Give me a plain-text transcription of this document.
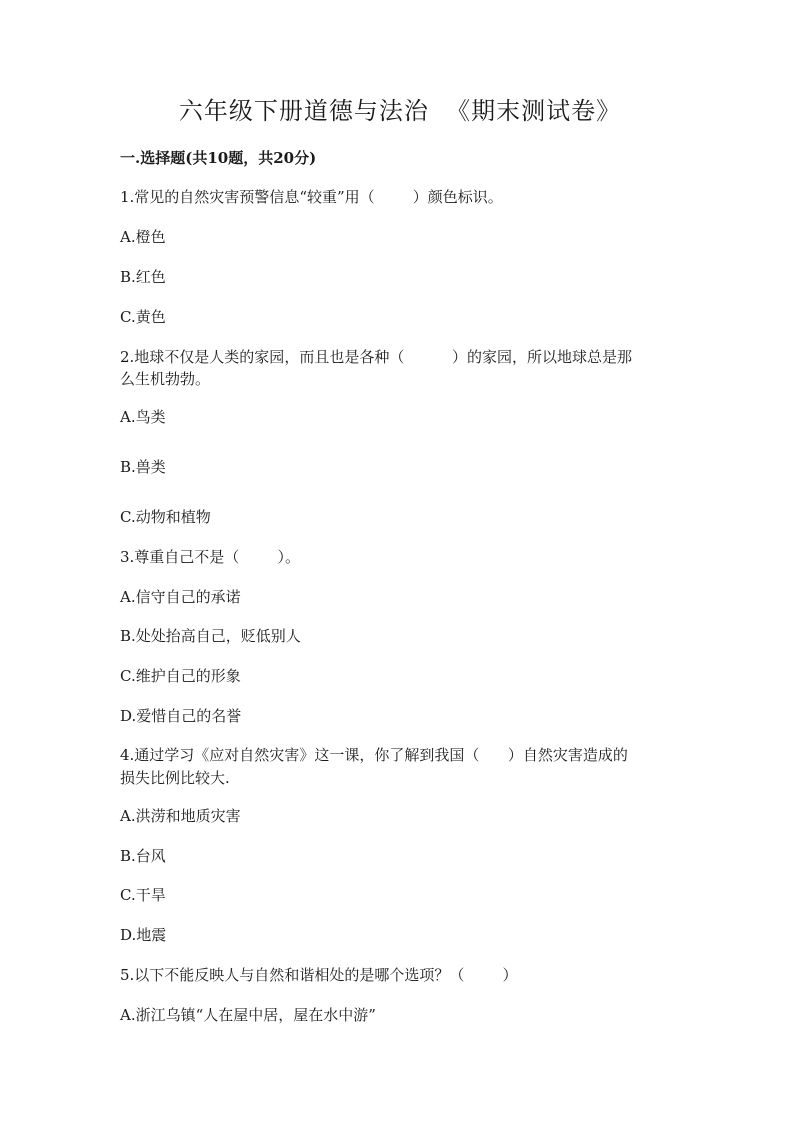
六年级下册道德与法治  《期末测试卷》
一.选择题(共10题，共20分)
1.常见的自然灾害预警信息“较重”用（        ）颜色标识。
A.橙色
B.红色
C.黄色
2.地球不仅是人类的家园，而且也是各种（          ）的家园，所以地球总是那
么生机勃勃。
A.鸟类
B.兽类
C.动物和植物
3.尊重自己不是（        ）。
A.信守自己的承诺
B.处处抬高自己，贬低别人
C.维护自己的形象
D.爱惜自己的名誉
4.通过学习《应对自然灾害》这一课，你了解到我国（      ）自然灾害造成的
损失比例比较大.
A.洪涝和地质灾害
B.台风
C.干旱
D.地震
5.以下不能反映人与自然和谐相处的是哪个选项？（        ）
A.浙江乌镇“人在屋中居，屋在水中游”
